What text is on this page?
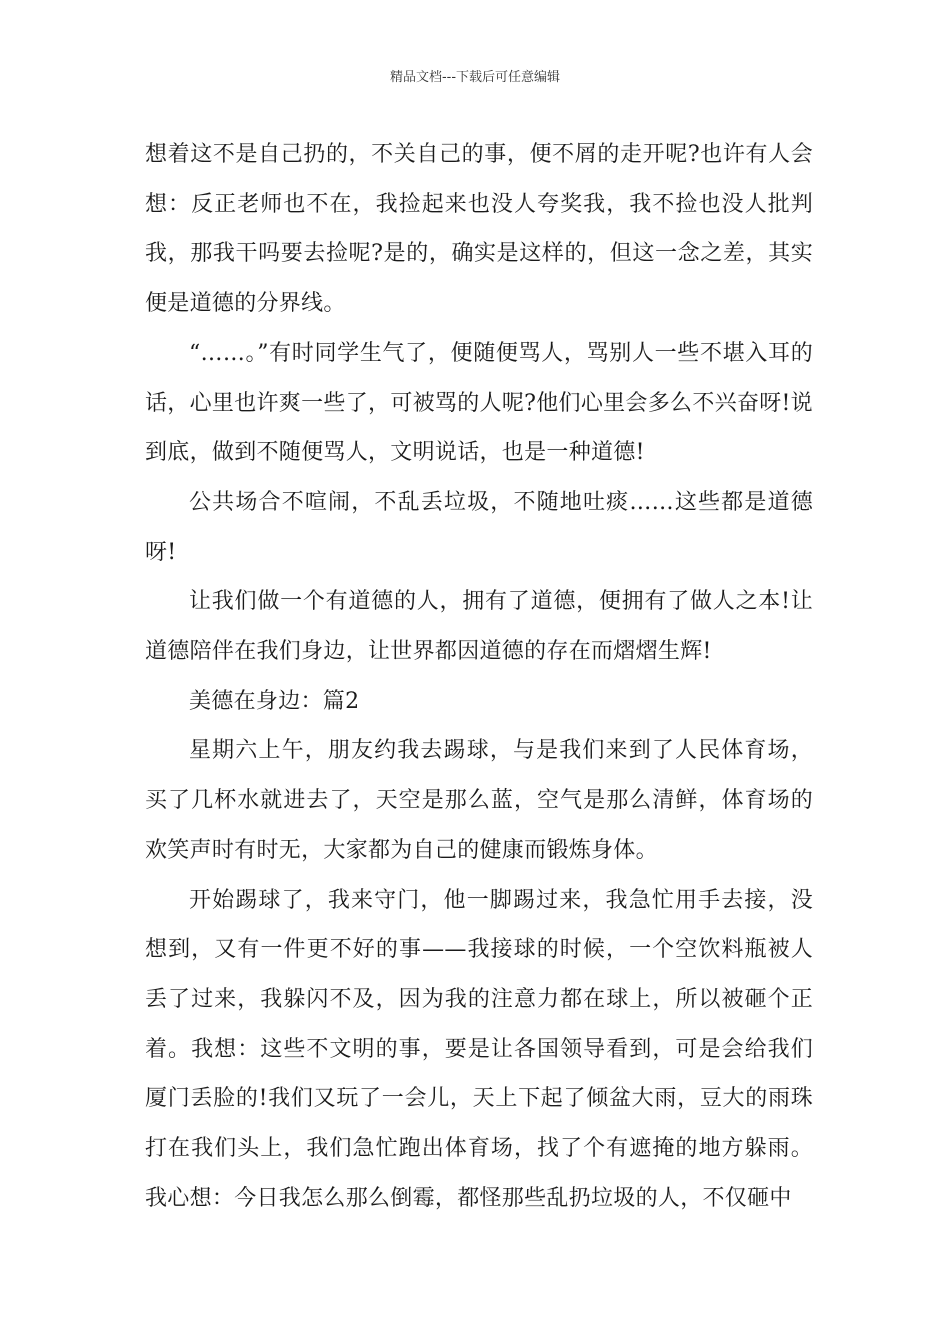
精品文档---下载后可任意编辑

想着这不是自己扔的，不关自己的事，便不屑的走开呢?也许有人会想：反正老师也不在，我捡起来也没人夸奖我，我不捡也没人批判我，那我干吗要去捡呢?是的，确实是这样的，但这一念之差，其实便是道德的分界线。

“……。”有时同学生气了，便随便骂人，骂别人一些不堪入耳的话，心里也许爽一些了，可被骂的人呢?他们心里会多么不兴奋呀!说到底，做到不随便骂人，文明说话，也是一种道德!

公共场合不喧闹，不乱丢垃圾，不随地吐痰……这些都是道德呀!

让我们做一个有道德的人，拥有了道德，便拥有了做人之本!让道德陪伴在我们身边，让世界都因道德的存在而熠熠生辉!

美德在身边：篇2

星期六上午，朋友约我去踢球，与是我们来到了人民体育场，买了几杯水就进去了，天空是那么蓝，空气是那么清鲜，体育场的欢笑声时有时无，大家都为自己的健康而锻炼身体。

开始踢球了，我来守门，他一脚踢过来，我急忙用手去接，没想到，又有一件更不好的事——我接球的时候，一个空饮料瓶被人丢了过来，我躲闪不及，因为我的注意力都在球上，所以被砸个正着。我想：这些不文明的事，要是让各国领导看到，可是会给我们厦门丢脸的!我们又玩了一会儿，天上下起了倾盆大雨，豆大的雨珠打在我们头上，我们急忙跑出体育场，找了个有遮掩的地方躲雨。我心想：今日我怎么那么倒霉，都怪那些乱扔垃圾的人，不仅砸中
